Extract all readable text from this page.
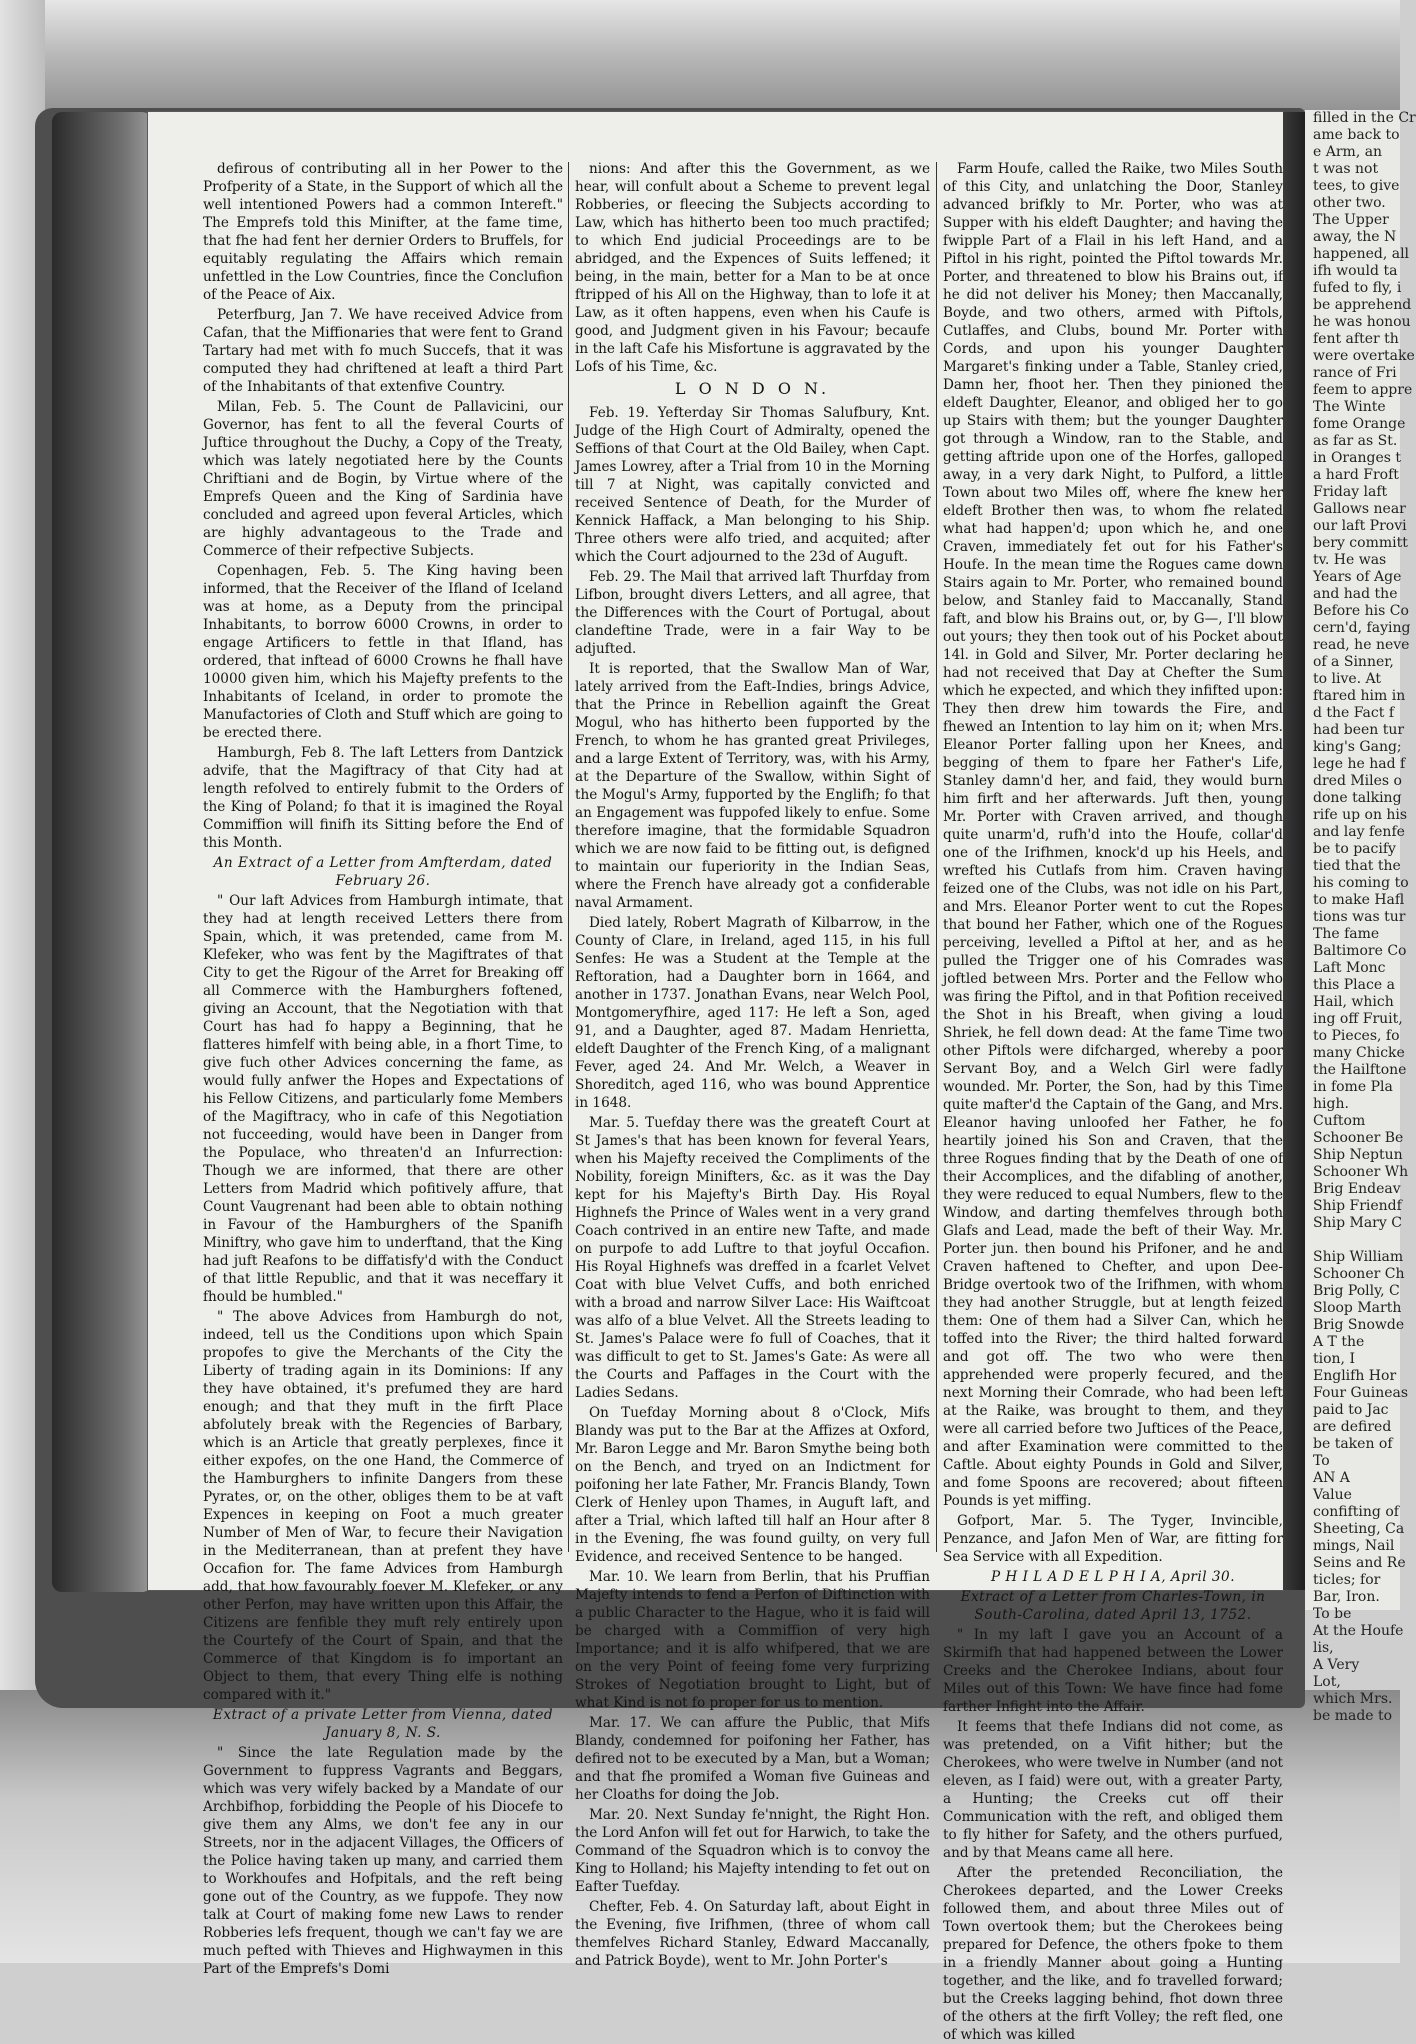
defirous of contributing all in her Power to the Profperity of a State, in the Support of which all the well intentioned Powers had a common Intereft." The Emprefs told this Minifter, at the fame time, that fhe had fent her dernier Orders to Bruffels, for equitably regulating the Affairs which remain unfettled in the Low Countries, fince the Conclufion of the Peace of Aix.

Peterfburg, Jan 7. We have received Advice from Cafan, that the Miffionaries that were fent to Grand Tartary had met with fo much Succefs, that it was computed they had chriftened at leaft a third Part of the Inhabitants of that extenfive Country.

Milan, Feb. 5. The Count de Pallavicini, our Governor, has fent to all the feveral Courts of Juftice throughout the Duchy, a Copy of the Treaty, which was lately negotiated here by the Counts Chriftiani and de Bogin, by Virtue where of the Emprefs Queen and the King of Sardinia have concluded and agreed upon feveral Articles, which are highly advantageous to the Trade and Commerce of their refpective Subjects.

Copenhagen, Feb. 5. The King having been informed, that the Receiver of the Ifland of Iceland was at home, as a Deputy from the principal Inhabitants, to borrow 6000 Crowns, in order to engage Artificers to fettle in that Ifland, has ordered, that inftead of 6000 Crowns he fhall have 10000 given him, which his Majefty prefents to the Inhabitants of Iceland, in order to promote the Manufactories of Cloth and Stuff which are going to be erected there.

Hamburgh, Feb 8. The laft Letters from Dantzick advife, that the Magiftracy of that City had at length refolved to entirely fubmit to the Orders of the King of Poland; fo that it is imagined the Royal Commiffion will finifh its Sitting before the End of this Month.

An Extract of a Letter from Amfterdam, dated February 26.

" Our laft Advices from Hamburgh intimate, that they had at length received Letters there from Spain, which, it was pretended, came from M. Klefeker, who was fent by the Magiftrates of that City to get the Rigour of the Arret for Breaking off all Commerce with the Hamburghers foftened, giving an Account, that the Negotiation with that Court has had fo happy a Beginning, that he flatteres himfelf with being able, in a fhort Time, to give fuch other Advices concerning the fame, as would fully anfwer the Hopes and Expectations of his Fellow Citizens, and particularly fome Members of the Magiftracy, who in cafe of this Negotiation not fucceeding, would have been in Danger from the Populace, who threaten'd an Infurrection: Though we are informed, that there are other Letters from Madrid which pofitively affure, that Count Vaugrenant had been able to obtain nothing in Favour of the Hamburghers of the Spanifh Miniftry, who gave him to underftand, that the King had juft Reafons to be diffatisfy'd with the Conduct of that little Republic, and that it was neceffary it fhould be humbled."

" The above Advices from Hamburgh do not, indeed, tell us the Conditions upon which Spain propofes to give the Merchants of the City the Liberty of trading again in its Dominions: If any they have obtained, it's prefumed they are hard enough; and that they muft in the firft Place abfolutely break with the Regencies of Barbary, which is an Article that greatly perplexes, fince it either expofes, on the one Hand, the Commerce of the Hamburghers to infinite Dangers from these Pyrates, or, on the other, obliges them to be at vaft Expences in keeping on Foot a much greater Number of Men of War, to fecure their Navigation in the Mediterranean, than at prefent they have Occafion for. The fame Advices from Hamburgh add, that how favourably foever M. Klefeker, or any other Perfon, may have written upon this Affair, the Citizens are fenfible they muft rely entirely upon the Courtefy of the Court of Spain, and that the Commerce of that Kingdom is fo important an Object to them, that every Thing elfe is nothing compared with it."

Extract of a private Letter from Vienna, dated January 8, N. S.

" Since the late Regulation made by the Government to fuppress Vagrants and Beggars, which was very wifely backed by a Mandate of our Archbifhop, forbidding the People of his Diocefe to give them any Alms, we don't fee any in our Streets, nor in the adjacent Villages, the Officers of the Police having taken up many, and carried them to Workhoufes and Hofpitals, and the reft being gone out of the Country, as we fuppofe. They now talk at Court of making fome new Laws to render Robberies lefs frequent, though we can't fay we are much pefted with Thieves and Highwaymen in this Part of the Emprefs's Domi

nions: And after this the Government, as we hear, will confult about a Scheme to prevent legal Robberies, or fleecing the Subjects according to Law, which has hitherto been too much practifed; to which End judicial Proceedings are to be abridged, and the Expences of Suits leffened; it being, in the main, better for a Man to be at once ftripped of his All on the Highway, than to lofe it at Law, as it often happens, even when his Caufe is good, and Judgment given in his Favour; becaufe in the laft Cafe his Misfortune is aggravated by the Lofs of his Time, &c.

L O N D O N.

Feb. 19. Yefterday Sir Thomas Salufbury, Knt. Judge of the High Court of Admiralty, opened the Seffions of that Court at the Old Bailey, when Capt. James Lowrey, after a Trial from 10 in the Morning till 7 at Night, was capitally convicted and received Sentence of Death, for the Murder of Kennick Haffack, a Man belonging to his Ship. Three others were alfo tried, and acquited; after which the Court adjourned to the 23d of Auguft.

Feb. 29. The Mail that arrived laft Thurfday from Lifbon, brought divers Letters, and all agree, that the Differences with the Court of Portugal, about clandeftine Trade, were in a fair Way to be adjufted.

It is reported, that the Swallow Man of War, lately arrived from the Eaft-Indies, brings Advice, that the Prince in Rebellion againft the Great Mogul, who has hitherto been fupported by the French, to whom he has granted great Privileges, and a large Extent of Territory, was, with his Army, at the Departure of the Swallow, within Sight of the Mogul's Army, fupported by the Englifh; fo that an Engagement was fuppofed likely to enfue. Some therefore imagine, that the formidable Squadron which we are now faid to be fitting out, is defigned to maintain our fuperiority in the Indian Seas, where the French have already got a confiderable naval Armament.

Died lately, Robert Magrath of Kilbarrow, in the County of Clare, in Ireland, aged 115, in his full Senfes: He was a Student at the Temple at the Reftoration, had a Daughter born in 1664, and another in 1737. Jonathan Evans, near Welch Pool, Montgomeryfhire, aged 117: He left a Son, aged 91, and a Daughter, aged 87. Madam Henrietta, eldeft Daughter of the French King, of a malignant Fever, aged 24. And Mr. Welch, a Weaver in Shoreditch, aged 116, who was bound Apprentice in 1648.

Mar. 5. Tuefday there was the greateft Court at St James's that has been known for feveral Years, when his Majefty received the Compliments of the Nobility, foreign Minifters, &c. as it was the Day kept for his Majefty's Birth Day. His Royal Highnefs the Prince of Wales went in a very grand Coach contrived in an entire new Tafte, and made on purpofe to add Luftre to that joyful Occafion. His Royal Highnefs was dreffed in a fcarlet Velvet Coat with blue Velvet Cuffs, and both enriched with a broad and narrow Silver Lace: His Waiftcoat was alfo of a blue Velvet. All the Streets leading to St. James's Palace were fo full of Coaches, that it was difficult to get to St. James's Gate: As were all the Courts and Paffages in the Court with the Ladies Sedans.

On Tuefday Morning about 8 o'Clock, Mifs Blandy was put to the Bar at the Affizes at Oxford, Mr. Baron Legge and Mr. Baron Smythe being both on the Bench, and tryed on an Indictment for poifoning her late Father, Mr. Francis Blandy, Town Clerk of Henley upon Thames, in Auguft laft, and after a Trial, which lafted till half an Hour after 8 in the Evening, fhe was found guilty, on very full Evidence, and received Sentence to be hanged.

Mar. 10. We learn from Berlin, that his Pruffian Majefty intends to fend a Perfon of Diftinction with a public Character to the Hague, who it is faid will be charged with a Commiffion of very high Importance; and it is alfo whifpered, that we are on the very Point of feeing fome very furprizing Strokes of Negotiation brought to Light, but of what Kind is not fo proper for us to mention.

Mar. 17. We can affure the Public, that Mifs Blandy, condemned for poifoning her Father, has defired not to be executed by a Man, but a Woman; and that fhe promifed a Woman five Guineas and her Cloaths for doing the Job.

Mar. 20. Next Sunday fe'nnight, the Right Hon. the Lord Anfon will fet out for Harwich, to take the Command of the Squadron which is to convoy the King to Holland; his Majefty intending to fet out on Eafter Tuefday.

Chefter, Feb. 4. On Saturday laft, about Eight in the Evening, five Irifhmen, (three of whom call themfelves Richard Stanley, Edward Maccanally, and Patrick Boyde), went to Mr. John Porter's

Farm Houfe, called the Raike, two Miles South of this City, and unlatching the Door, Stanley advanced brifkly to Mr. Porter, who was at Supper with his eldeft Daughter; and having the fwipple Part of a Flail in his left Hand, and a Piftol in his right, pointed the Piftol towards Mr. Porter, and threatened to blow his Brains out, if he did not deliver his Money; then Maccanally, Boyde, and two others, armed with Piftols, Cutlaffes, and Clubs, bound Mr. Porter with Cords, and upon his younger Daughter Margaret's finking under a Table, Stanley cried, Damn her, fhoot her. Then they pinioned the eldeft Daughter, Eleanor, and obliged her to go up Stairs with them; but the younger Daughter got through a Window, ran to the Stable, and getting aftride upon one of the Horfes, galloped away, in a very dark Night, to Pulford, a little Town about two Miles off, where fhe knew her eldeft Brother then was, to whom fhe related what had happen'd; upon which he, and one Craven, immediately fet out for his Father's Houfe. In the mean time the Rogues came down Stairs again to Mr. Porter, who remained bound below, and Stanley faid to Maccanally, Stand faft, and blow his Brains out, or, by G—, I'll blow out yours; they then took out of his Pocket about 14l. in Gold and Silver, Mr. Porter declaring he had not received that Day at Chefter the Sum which he expected, and which they infifted upon: They then drew him towards the Fire, and fhewed an Intention to lay him on it; when Mrs. Eleanor Porter falling upon her Knees, and begging of them to fpare her Father's Life, Stanley damn'd her, and faid, they would burn him firft and her afterwards. Juft then, young Mr. Porter with Craven arrived, and though quite unarm'd, rufh'd into the Houfe, collar'd one of the Irifhmen, knock'd up his Heels, and wrefted his Cutlafs from him. Craven having feized one of the Clubs, was not idle on his Part, and Mrs. Eleanor Porter went to cut the Ropes that bound her Father, which one of the Rogues perceiving, levelled a Piftol at her, and as he pulled the Trigger one of his Comrades was joftled between Mrs. Porter and the Fellow who was firing the Piftol, and in that Pofition received the Shot in his Breaft, when giving a loud Shriek, he fell down dead: At the fame Time two other Piftols were difcharged, whereby a poor Servant Boy, and a Welch Girl were fadly wounded. Mr. Porter, the Son, had by this Time quite mafter'd the Captain of the Gang, and Mrs. Eleanor having unloofed her Father, he fo heartily joined his Son and Craven, that the three Rogues finding that by the Death of one of their Accomplices, and the difabling of another, they were reduced to equal Numbers, flew to the Window, and darting themfelves through both Glafs and Lead, made the beft of their Way. Mr. Porter jun. then bound his Prifoner, and he and Craven haftened to Chefter, and upon Dee-Bridge overtook two of the Irifhmen, with whom they had another Struggle, but at length feized them: One of them had a Silver Can, which he toffed into the River; the third halted forward and got off. The two who were then apprehended were properly fecured, and the next Morning their Comrade, who had been left at the Raike, was brought to them, and they were all carried before two Juftices of the Peace, and after Examination were committed to the Caftle. About eighty Pounds in Gold and Silver, and fome Spoons are recovered; about fifteen Pounds is yet miffing.

Gofport, Mar. 5. The Tyger, Invincible, Penzance, and Jafon Men of War, are fitting for Sea Service with all Expedition.

P H I L A D E L P H I A, April 30.

Extract of a Letter from Charles-Town, in South-Carolina, dated April 13, 1752.

" In my laft I gave you an Account of a Skirmifh that had happened between the Lower Creeks and the Cherokee Indians, about four Miles out of this Town: We have fince had fome farther Infight into the Affair.

It feems that thefe Indians did not come, as was pretended, on a Vifit hither; but the Cherokees, who were twelve in Number (and not eleven, as I faid) were out, with a greater Party, a Hunting; the Creeks cut off their Communication with the reft, and obliged them to fly hither for Safety, and the others purfued, and by that Means came all here.

After the pretended Reconciliation, the Cherokees departed, and the Lower Creeks followed them, and about three Miles out of Town overtook them; but the Cherokees being prepared for Defence, the others fpoke to them in a friendly Manner about going a Hunting together, and the like, and fo travelled forward; but the Creeks lagging behind, fhot down three of the others at the firft Volley; the reft fled, one of which was killed

filled in the Cr
ame back to
e Arm, an
t was not
tees, to give
other two.
The Upper
away, the N
happened, all
ifh would ta
fufed to fly, i
be apprehend
he was honou
fent after th
were overtake
rance of Fri
feem to appre
The Winte
fome Orange
as far as St.
in Oranges t
a hard Froft
Friday laft
Gallows near
our laft Provi
bery committ
tv. He was
Years of Age
and had the
Before his Co
cern'd, faying
read, he neve
of a Sinner,
to live. At
ftared him in
d the Fact f
had been tur
king's Gang;
lege he had f
dred Miles o
done talking
rife up on his
and lay fenfe
be to pacify
tied that the
his coming to
to make Hafl
tions was tur
The fame
Baltimore Co
Laft Monc
this Place a
Hail, which
ing off Fruit,
to Pieces, fo
many Chicke
the Hailftone
in fome Pla
high.
Cuftom
Schooner Be
Ship Neptun
Schooner Wh
Brig Endeav
Ship Friendf
Ship Mary C

Ship William
Schooner Ch
Brig Polly, C
Sloop Marth
Brig Snowde
A T the
tion, I
Englifh Hor
Four Guineas
paid to Jac
are defired
be taken of
To
AN A
Value
confifting of
Sheeting, Ca
mings, Nail
Seins and Re
ticles; for
Bar, Iron.
To be
At the Houfe
lis,
A Very
Lot,
which Mrs.
be made to
